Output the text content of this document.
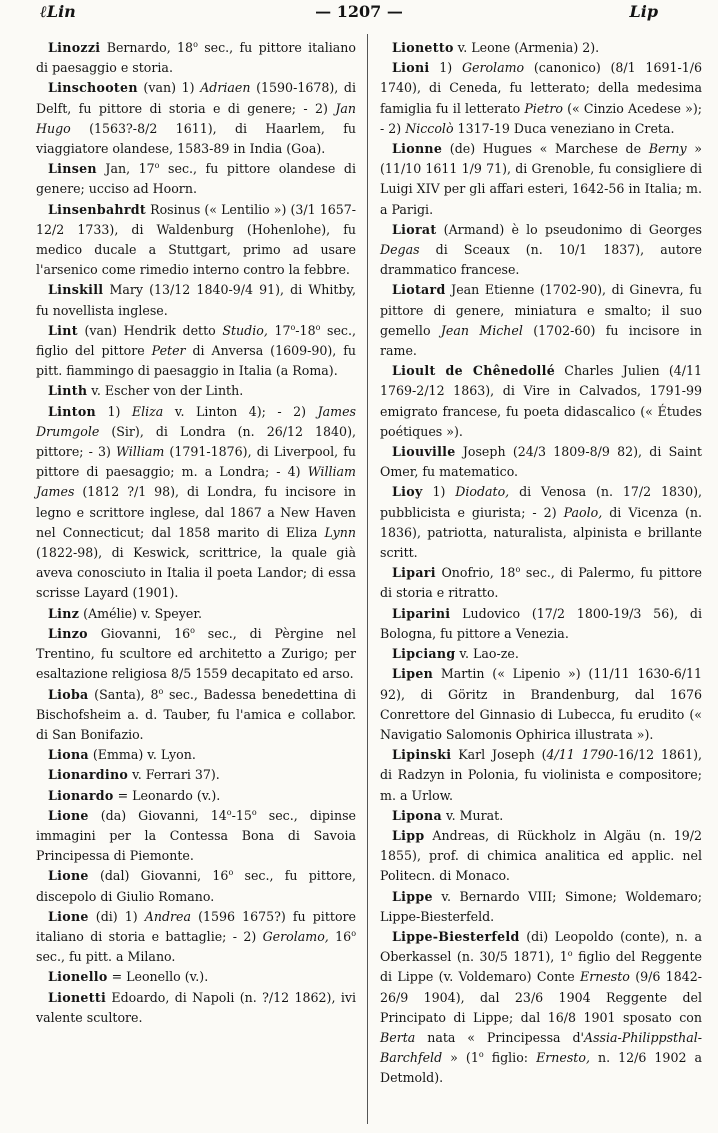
ℓLin	— 1207 —	Lip

Linozzi Bernardo, 18$^o$ sec., fu pittore italiano di paesaggio e storia.

Linschooten (van) 1) Adriaen (1590-1678), di Delft, fu pittore di storia e di genere; - 2) Jan Hugo (1563?-8/2 1611), di Haarlem, fu viaggiatore olandese, 1583-89 in India (Goa).

Linsen Jan, 17$^o$ sec., fu pittore olandese di genere; ucciso ad Hoorn.

Linsenbahrdt Rosinus (« Lentilio ») (3/1 1657-12/2 1733), di Waldenburg (Hohenlohe), fu medico ducale a Stuttgart, primo ad usare l'arsenico come rimedio interno contro la febbre.

Linskill Mary (13/12 1840-9/4 91), di Whitby, fu novellista inglese.

Lint (van) Hendrik detto Studio, 17$^o$-18$^o$ sec., figlio del pittore Peter di Anversa (1609-90), fu pitt. fiammingo di paesaggio in Italia (a Roma).

Linth v. Escher von der Linth.

Linton 1) Eliza v. Linton 4); - 2) James Drumgole (Sir), di Londra (n. 26/12 1840), pittore; - 3) William (1791-1876), di Liverpool, fu pittore di paesaggio; m. a Londra; - 4) William James (1812 ?/1 98), di Londra, fu incisore in legno e scrittore inglese, dal 1867 a New Haven nel Connecticut; dal 1858 marito di Eliza Lynn (1822-98), di Keswick, scrittrice, la quale già aveva conosciuto in Italia il poeta Landor; di essa scrisse Layard (1901).

Linz (Amélie) v. Speyer.

Linzo Giovanni, 16$^o$ sec., di Pèrgine nel Trentino, fu scultore ed architetto a Zurigo; per esaltazione religiosa 8/5 1559 decapitato ed arso.

Lioba (Santa), 8$^o$ sec., Badessa benedettina di Bischofsheim a. d. Tauber, fu l'amica e collabor. di San Bonifazio.

Liona (Emma) v. Lyon.

Lionardino v. Ferrari 37).

Lionardo = Leonardo (v.).

Lione (da) Giovanni, 14$^o$-15$^o$ sec., dipinse immagini per la Contessa Bona di Savoia Principessa di Piemonte.

Lione (dal) Giovanni, 16$^o$ sec., fu pittore, discepolo di Giulio Romano.

Lione (di) 1) Andrea (1596 1675?) fu pittore italiano di storia e battaglie; - 2) Gerolamo, 16$^o$ sec., fu pitt. a Milano.

Lionello = Leonello (v.).

Lionetti Edoardo, di Napoli (n. ?/12 1862), ivi valente scultore.

Lionetto v. Leone (Armenia) 2).

Lioni 1) Gerolamo (canonico) (8/1 1691-1/6 1740), di Ceneda, fu letterato; della medesima famiglia fu il letterato Pietro (« Cinzio Acedese »); - 2) Niccolò 1317-19 Duca veneziano in Creta.

Lionne (de) Hugues « Marchese de Berny » (11/10 1611 1/9 71), di Grenoble, fu consigliere di Luigi XIV per gli affari esteri, 1642-56 in Italia; m. a Parigi.

Liorat (Armand) è lo pseudonimo di Georges Degas di Sceaux (n. 10/1 1837), autore drammatico francese.

Liotard Jean Etienne (1702-90), di Ginevra, fu pittore di genere, miniatura e smalto; il suo gemello Jean Michel (1702-60) fu incisore in rame.

Lioult de Chênedollé Charles Julien (4/11 1769-2/12 1863), di Vire in Calvados, 1791-99 emigrato francese, fu poeta didascalico (« Études poétiques »).

Liouville Joseph (24/3 1809-8/9 82), di Saint Omer, fu matematico.

Lioy 1) Diodato, di Venosa (n. 17/2 1830), pubblicista e giurista; - 2) Paolo, di Vicenza (n. 1836), patriotta, naturalista, alpinista e brillante scritt.

Lipari Onofrio, 18$^o$ sec., di Palermo, fu pittore di storia e ritratto.

Liparini Ludovico (17/2 1800-19/3 56), di Bologna, fu pittore a Venezia.

Lipciang v. Lao-ze.

Lipen Martin (« Lipenio ») (11/11 1630-6/11 92), di Göritz in Brandenburg, dal 1676 Conrettore del Ginnasio di Lubecca, fu erudito (« Navigatio Salomonis Ophirica illustrata »).

Lipinski Karl Joseph (4/11 1790-16/12 1861), di Radzyn in Polonia, fu violinista e compositore; m. a Urlow.

Lipona v. Murat.

Lipp Andreas, di Rückholz in Algäu (n. 19/2 1855), prof. di chimica analitica ed applic. nel Politecn. di Monaco.

Lippe v. Bernardo VIII; Simone; Woldemaro; Lippe-Biesterfeld.

Lippe-Biesterfeld (di) Leopoldo (conte), n. a Oberkassel (n. 30/5 1871), 1$^o$ figlio del Reggente di Lippe (v. Voldemaro) Conte Ernesto (9/6 1842-26/9 1904), dal 23/6 1904 Reggente del Principato di Lippe; dal 16/8 1901 sposato con Berta nata « Principessa d'Assia-Philippsthal-Barchfeld » (1$^o$ figlio: Ernesto, n. 12/6 1902 a Detmold).
